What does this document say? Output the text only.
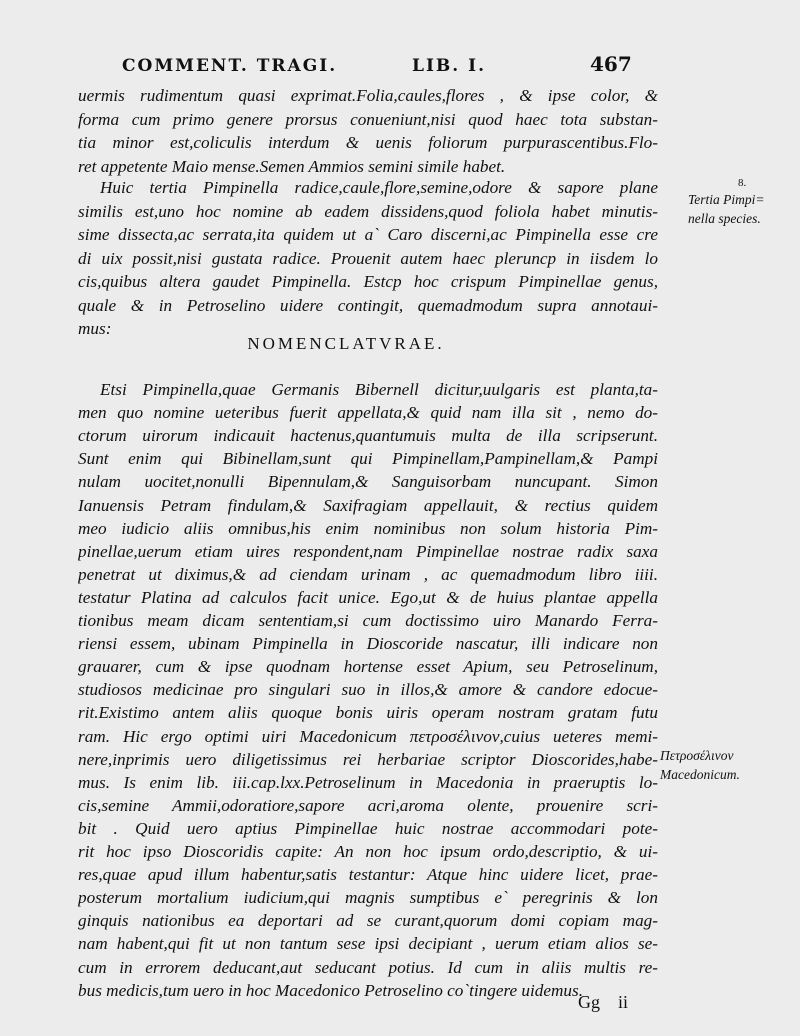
COMMENT. TRAGI.	LIB. I.	467
uermis rudimentum quasi exprimat.Folia,caules,flores , & ipse color, &
forma cum primo genere prorsus conueniunt,nisi quod haec tota substan-
tia minor est,coliculis interdum & uenis foliorum purpurascentibus.Flo-
ret appetente Maio mense.Semen Ammios semini simile habet.
Huic tertia Pimpinella radice,caule,flore,semine,odore & sapore plane
similis est,uno hoc nomine ab eadem dissidens,quod foliola habet minutis-
sime dissecta,ac serrata,ita quidem ut a` Caro discerni,ac Pimpinella esse cre
di uix possit,nisi gustata radice. Prouenit autem haec pleruncp in iisdem lo
cis,quibus altera gaudet Pimpinella. Estcp hoc crispum Pimpinellae genus,
quale & in Petroselino uidere contingit, quemadmodum supra annotaui-
mus:
NOMENCLATVRAE.
Etsi Pimpinella,quae Germanis Bibernell dicitur,uulgaris est planta,ta-
men quo nomine ueteribus fuerit appellata,& quid nam illa sit , nemo do-
ctorum uirorum indicauit hactenus,quantumuis multa de illa scripserunt.
Sunt enim qui Bibinellam,sunt qui Pimpinellam,Pampinellam,& Pampi
nulam uocitet,nonulli Bipennulam,& Sanguisorbam nuncupant. Simon
Ianuensis Petram findulam,& Saxifragiam appellauit, & rectius quidem
meo iudicio aliis omnibus,his enim nominibus non solum historia Pim-
pinellae,uerum etiam uires respondent,nam Pimpinellae nostrae radix saxa
penetrat ut diximus,& ad ciendam urinam , ac quemadmodum libro iiii.
testatur Platina ad calculos facit unice. Ego,ut & de huius plantae appella
tionibus meam dicam sententiam,si cum doctissimo uiro Manardo Ferra-
riensi essem, ubinam Pimpinella in Dioscoride nascatur, illi indicare non
grauarer, cum & ipse quodnam hortense esset Apium, seu Petroselinum,
studiosos medicinae pro singulari suo in illos,& amore & candore edocue-
rit.Existimo antem aliis quoque bonis uiris operam nostram gratam futu
ram. Hic ergo optimi uiri Macedonicum πετροσέλινον,cuius ueteres memi-
nere,inprimis uero diligetissimus rei herbariae scriptor Dioscorides,habe-
mus. Is enim lib. iii.cap.lxx.Petroselinum in Macedonia in praeruptis lo-
cis,semine Ammii,odoratiore,sapore acri,aroma olente, prouenire scri-
bit . Quid uero aptius Pimpinellae huic nostrae accommodari pote-
rit hoc ipso Dioscoridis capite: An non hoc ipsum ordo,descriptio, & ui-
res,quae apud illum habentur,satis testantur: Atque hinc uidere licet, prae-
posterum mortalium iudicium,qui magnis sumptibus e` peregrinis & lon
ginquis nationibus ea deportari ad se curant,quorum domi copiam mag-
nam habent,qui fit ut non tantum sese ipsi decipiant , uerum etiam alios se-
cum in errorem deducant,aut seducant potius. Id cum in aliis multis re-
bus medicis,tum uero in hoc Macedonico Petroselino co`tingere uidemus.
8.
Tertia Pimpi=
nella species.
Πετροσέλινον
Macedonicum.
Gg ii
